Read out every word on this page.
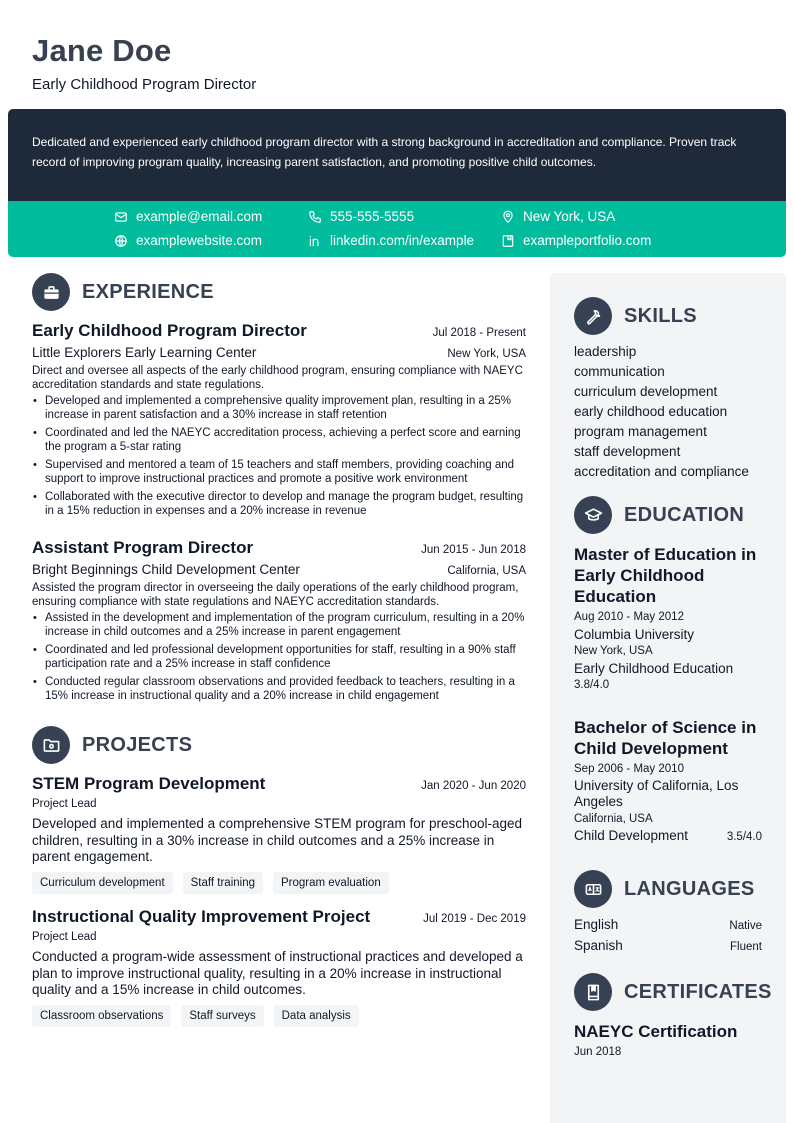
Jane Doe
Early Childhood Program Director

Dedicated and experienced early childhood program director with a strong background in accreditation and compliance. Proven track record of improving program quality, increasing parent satisfaction, and promoting positive child outcomes.

example@email.com	555-555-5555	New York, USA
examplewebsite.com	linkedin.com/in/example	exampleportfolio.com
EXPERIENCE
Early Childhood Program Director	Jul 2018 - Present
Little Explorers Early Learning Center	New York, USA
Direct and oversee all aspects of the early childhood program, ensuring compliance with NAEYC accreditation standards and state regulations.
• Developed and implemented a comprehensive quality improvement plan, resulting in a 25% increase in parent satisfaction and a 30% increase in staff retention
• Coordinated and led the NAEYC accreditation process, achieving a perfect score and earning the program a 5-star rating
• Supervised and mentored a team of 15 teachers and staff members, providing coaching and support to improve instructional practices and promote a positive work environment
• Collaborated with the executive director to develop and manage the program budget, resulting in a 15% reduction in expenses and a 20% increase in revenue
Assistant Program Director	Jun 2015 - Jun 2018
Bright Beginnings Child Development Center	California, USA
Assisted the program director in overseeing the daily operations of the early childhood program, ensuring compliance with state regulations and NAEYC accreditation standards.
• Assisted in the development and implementation of the program curriculum, resulting in a 20% increase in child outcomes and a 25% increase in parent engagement
• Coordinated and led professional development opportunities for staff, resulting in a 90% staff participation rate and a 25% increase in staff confidence
• Conducted regular classroom observations and provided feedback to teachers, resulting in a 15% increase in instructional quality and a 20% increase in child engagement
PROJECTS
STEM Program Development	Jan 2020 - Jun 2020
Project Lead
Developed and implemented a comprehensive STEM program for preschool-aged children, resulting in a 30% increase in child outcomes and a 25% increase in parent engagement.
Curriculum development	Staff training	Program evaluation
Instructional Quality Improvement Project	Jul 2019 - Dec 2019
Project Lead
Conducted a program-wide assessment of instructional practices and developed a plan to improve instructional quality, resulting in a 20% increase in instructional quality and a 15% increase in child outcomes.
Classroom observations	Staff surveys	Data analysis
SKILLS
leadership
communication
curriculum development
early childhood education
program management
staff development
accreditation and compliance
EDUCATION
Master of Education in Early Childhood Education
Aug 2010 - May 2012
Columbia University
New York, USA
Early Childhood Education
3.8/4.0
Bachelor of Science in Child Development
Sep 2006 - May 2010
University of California, Los Angeles
California, USA
Child Development	3.5/4.0
LANGUAGES
English	Native
Spanish	Fluent
CERTIFICATES
NAEYC Certification
Jun 2018
